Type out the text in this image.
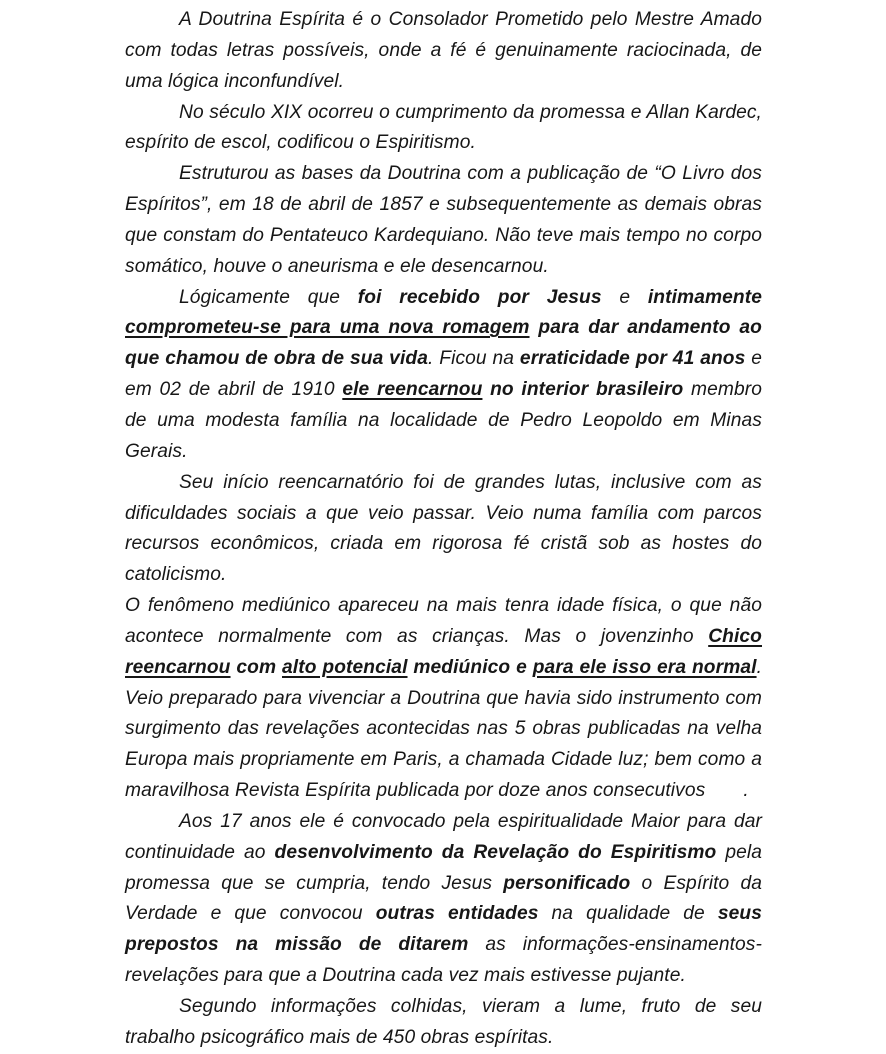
A Doutrina Espírita é o Consolador Prometido pelo Mestre Amado com todas letras possíveis, onde a fé é genuinamente raciocinada, de uma lógica inconfundível.

No século XIX ocorreu o cumprimento da promessa e Allan Kardec, espírito de escol, codificou o Espiritismo.

Estruturou as bases da Doutrina com a publicação de “O Livro dos Espíritos”, em 18 de abril de 1857 e subsequentemente as demais obras que constam do Pentateuco Kardequiano. Não teve mais tempo no corpo somático, houve o aneurisma e ele desencarnou.

Lógicamente que foi recebido por Jesus e intimamente comprometeu-se para uma nova romagem para dar andamento ao que chamou de obra de sua vida. Ficou na erraticidade por 41 anos e em 02 de abril de 1910 ele reencarnou no interior brasileiro membro de uma modesta família na localidade de Pedro Leopoldo em Minas Gerais.

Seu início reencarnatório foi de grandes lutas, inclusive com as dificuldades sociais a que veio passar. Veio numa família com parcos recursos econômicos, criada em rigorosa fé cristã sob as hostes do catolicismo.

O fenômeno mediúnico apareceu na mais tenra idade física, o que não acontece normalmente com as crianças. Mas o jovenzinho Chico reencarnou com alto potencial mediúnico e para ele isso era normal. Veio preparado para vivenciar a Doutrina que havia sido instrumento com surgimento das revelações acontecidas nas 5 obras publicadas na velha Europa mais propriamente em Paris, a chamada Cidade luz; bem como a maravilhosa Revista Espírita publicada por doze anos consecutivos       .

Aos 17 anos ele é convocado pela espiritualidade Maior para dar continuidade ao desenvolvimento da Revelação do Espiritismo pela promessa que se cumpria, tendo Jesus personificado o Espírito da Verdade e que convocou outras entidades na qualidade de seus prepostos na missão de ditarem as informações-ensinamentos-revelações para que a Doutrina cada vez mais estivesse pujante.

Segundo informações colhidas, vieram a lume, fruto de seu trabalho psicográfico mais de 450 obras espíritas.
